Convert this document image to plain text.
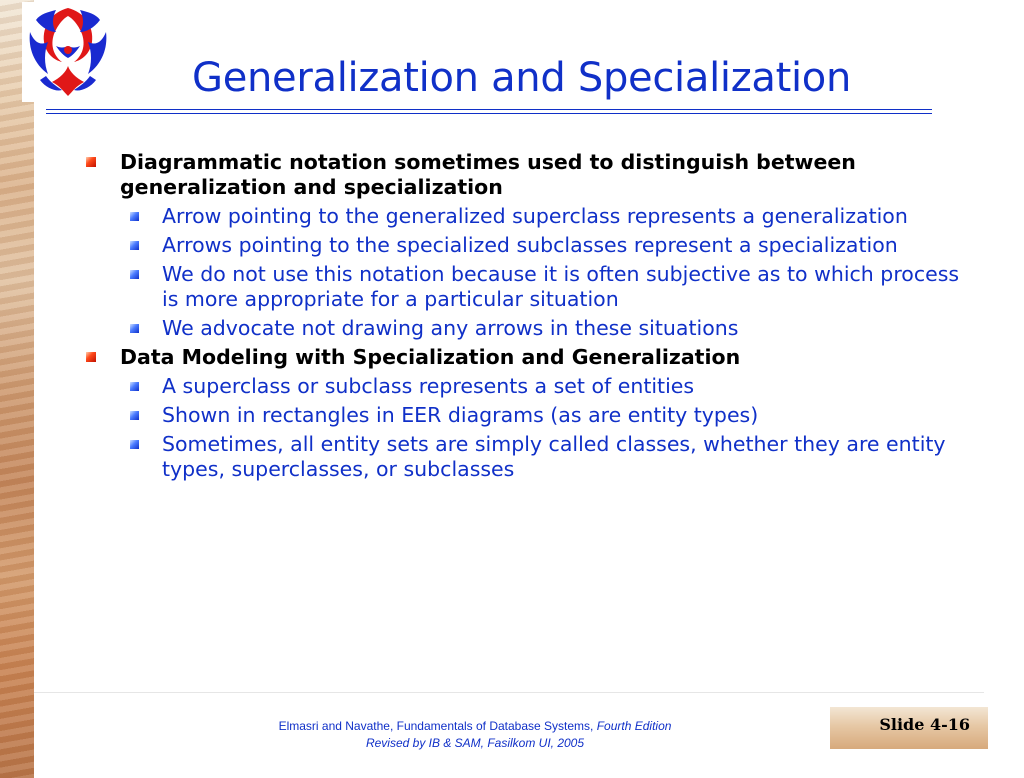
Generalization and Specialization
Diagrammatic notation sometimes used to distinguish between generalization and specialization
Arrow pointing to the generalized superclass represents a generalization
Arrows pointing to the specialized subclasses represent a specialization
We do not use this notation because it is often subjective as to which process is more appropriate for a particular situation
We advocate not drawing any arrows in these situations
Data Modeling with Specialization and Generalization
A superclass or subclass represents a set of entities
Shown in rectangles in EER diagrams (as are entity types)
Sometimes, all entity sets are simply called classes, whether they are entity types, superclasses, or subclasses
Elmasri and Navathe, Fundamentals of Database Systems, Fourth Edition
Revised by IB & SAM, Fasilkom UI, 2005
Slide 4-16
